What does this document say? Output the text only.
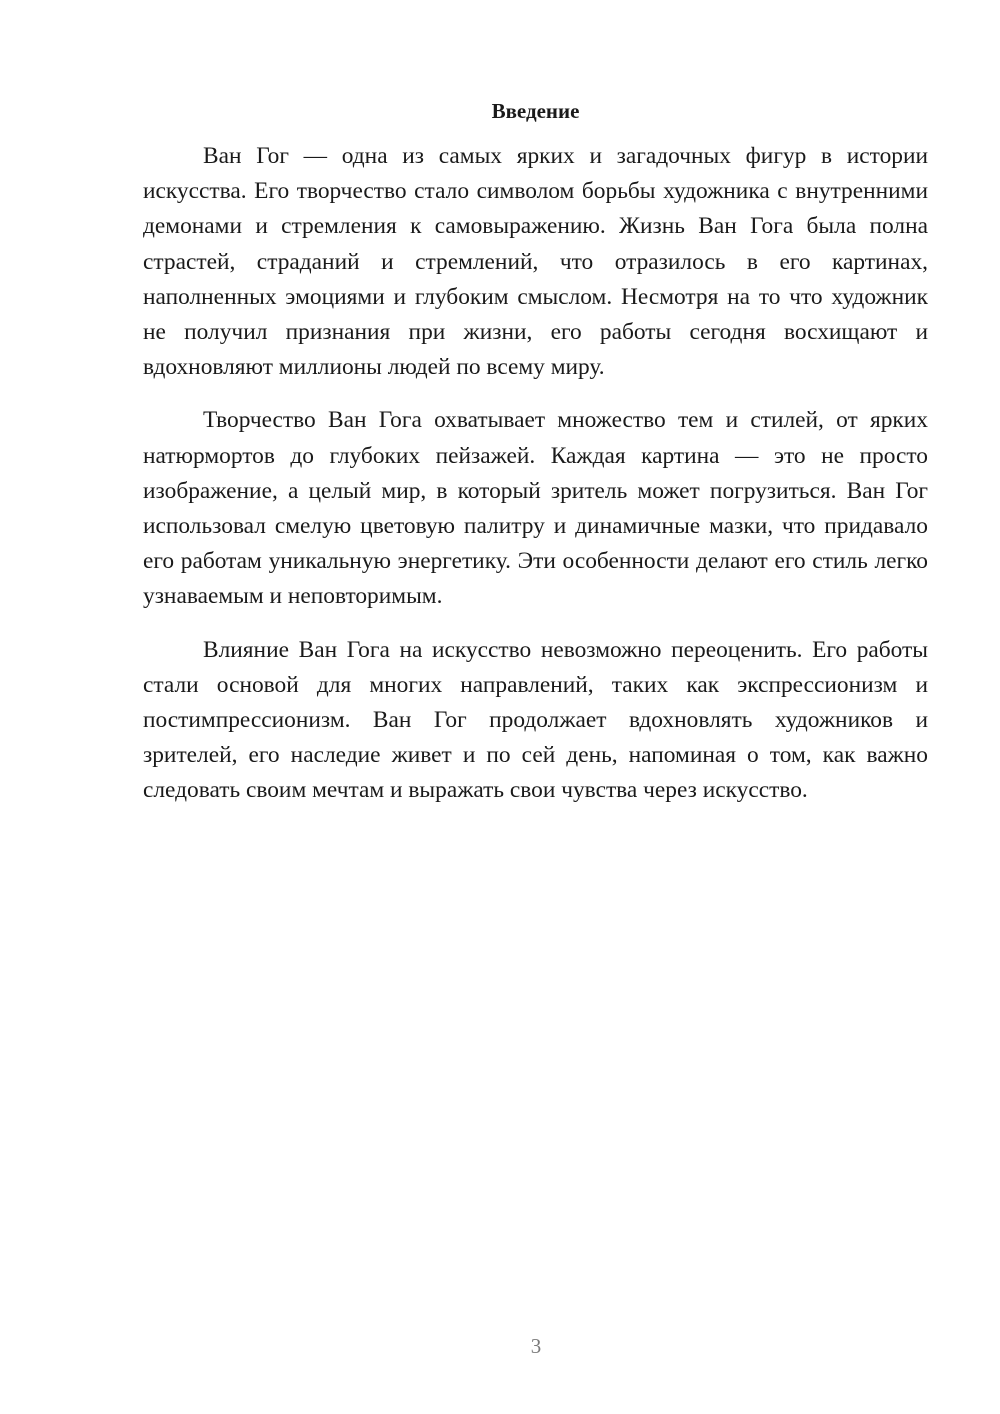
Введение

Ван Гог — одна из самых ярких и загадочных фигур в истории искусства. Его творчество стало символом борьбы художника с внутренними демонами и стремления к самовыражению. Жизнь Ван Гога была полна страстей, страданий и стремлений, что отразилось в его картинах, наполненных эмоциями и глубоким смыслом. Несмотря на то что художник не получил признания при жизни, его работы сегодня восхищают и вдохновляют миллионы людей по всему миру.

Творчество Ван Гога охватывает множество тем и стилей, от ярких натюрмортов до глубоких пейзажей. Каждая картина — это не просто изображение, а целый мир, в который зритель может погрузиться. Ван Гог использовал смелую цветовую палитру и динамичные мазки, что придавало его работам уникальную энергетику. Эти особенности делают его стиль легко узнаваемым и неповторимым.

Влияние Ван Гога на искусство невозможно переоценить. Его работы стали основой для многих направлений, таких как экспрессионизм и постимпрессионизм. Ван Гог продолжает вдохновлять художников и зрителей, его наследие живет и по сей день, напоминая о том, как важно следовать своим мечтам и выражать свои чувства через искусство.

3
